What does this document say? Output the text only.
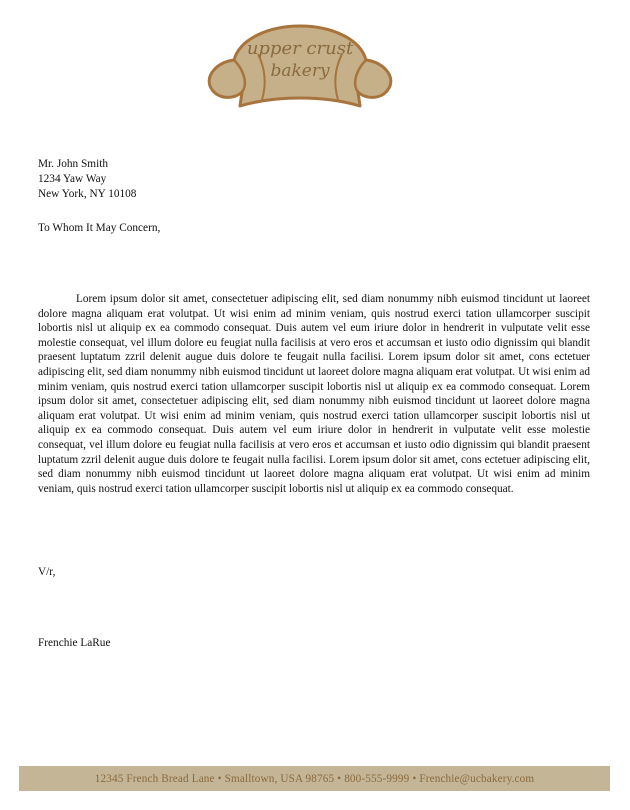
upper crust
bakery
Mr. John Smith
1234 Yaw Way
New York, NY 10108
To Whom It May Concern,

Lorem ipsum dolor sit amet, consectetuer adipiscing elit, sed diam nonummy nibh euismod tincidunt ut laoreet dolore magna aliquam erat volutpat. Ut wisi enim ad minim veniam, quis nostrud exerci tation ullamcorper suscipit lobortis nisl ut aliquip ex ea commodo consequat. Duis autem vel eum iriure dolor in hendrerit in vulputate velit esse molestie consequat, vel illum dolore eu feugiat nulla facilisis at vero eros et accumsan et iusto odio dignissim qui blandit praesent luptatum zzril delenit augue duis dolore te feugait nulla facilisi. Lorem ipsum dolor sit amet, cons ectetuer adipiscing elit, sed diam nonummy nibh euismod tincidunt ut laoreet dolore magna aliquam erat volutpat. Ut wisi enim ad minim veniam, quis nostrud exerci tation ullamcorper suscipit lobortis nisl ut aliquip ex ea commodo consequat. Lorem ipsum dolor sit amet, consectetuer adipiscing elit, sed diam nonummy nibh euismod tincidunt ut laoreet dolore magna aliquam erat volutpat. Ut wisi enim ad minim veniam, quis nostrud exerci tation ullamcorper suscipit lobortis nisl ut aliquip ex ea commodo consequat. Duis autem vel eum iriure dolor in hendrerit in vulputate velit esse molestie consequat, vel illum dolore eu feugiat nulla facilisis at vero eros et accumsan et iusto odio dignissim qui blandit praesent luptatum zzril delenit augue duis dolore te feugait nulla facilisi. Lorem ipsum dolor sit amet, cons ectetuer adipiscing elit, sed diam nonummy nibh euismod tincidunt ut laoreet dolore magna aliquam erat volutpat. Ut wisi enim ad minim veniam, quis nostrud exerci tation ullamcorper suscipit lobortis nisl ut aliquip ex ea commodo consequat.

V/r,
Frenchie LaRue
12345 French Bread Lane • Smalltown, USA 98765 • 800-555-9999 • Frenchie@ucbakery.com
